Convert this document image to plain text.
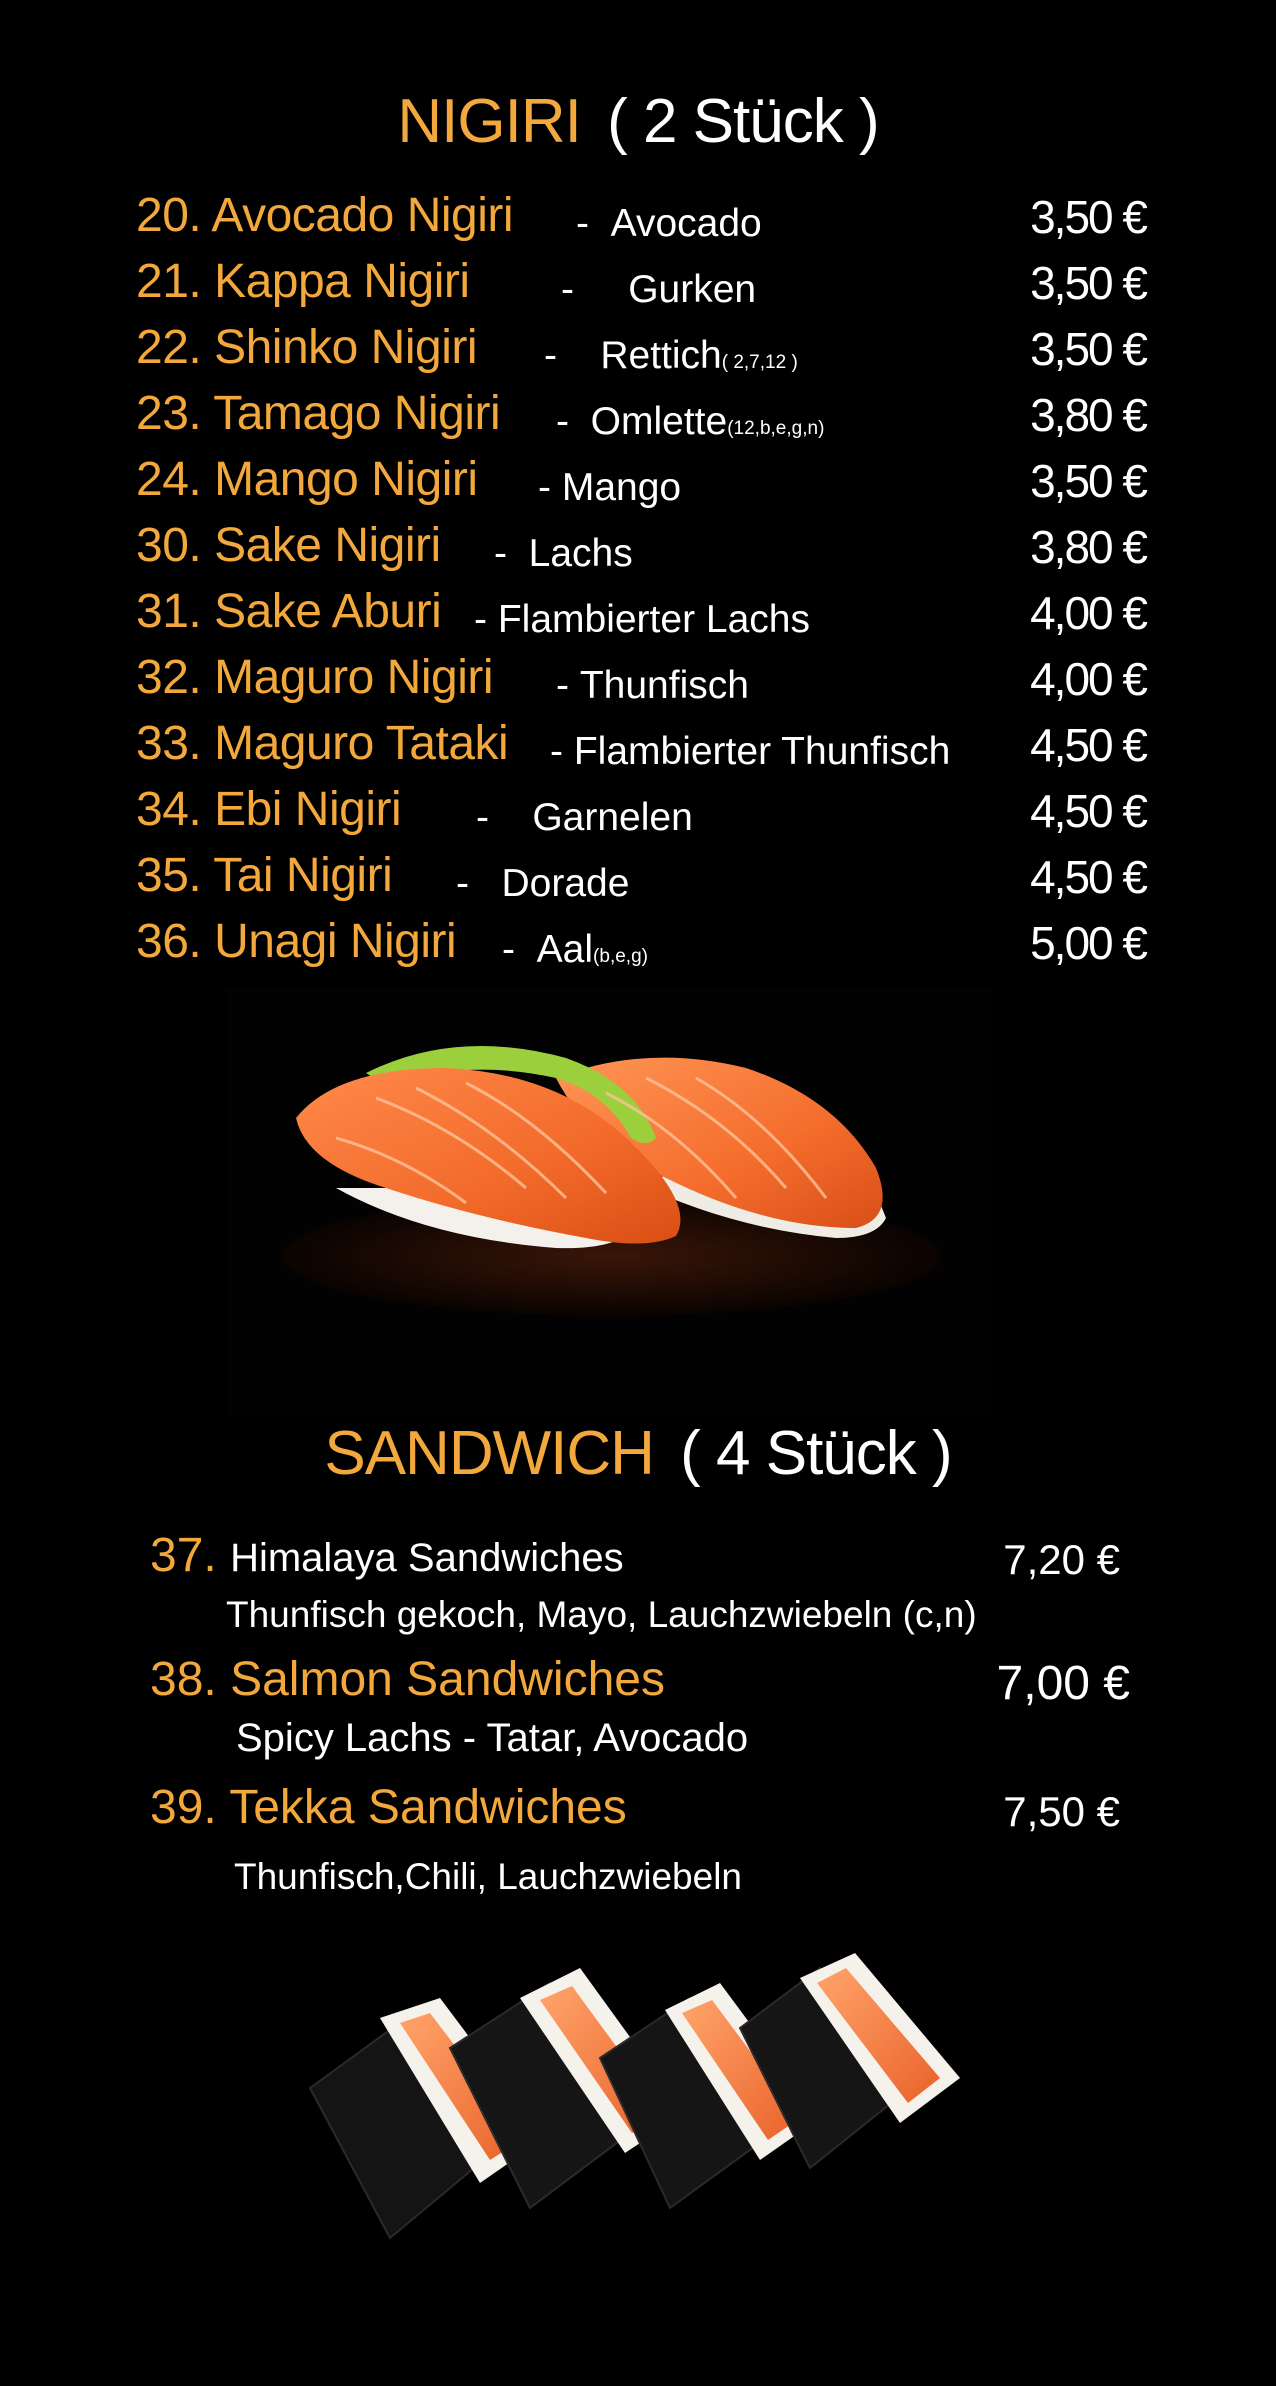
NIGIRI ( 2 Stück )
20. Avocado Nigiri - Avocado	3,50 €
21. Kappa Nigiri - Gurken	3,50 €
22. Shinko Nigiri - Rettich( 2,7,12 )	3,50 €
23. Tamago Nigiri - Omlette(12,b,e,g,n)	3,80 €
24. Mango Nigiri - Mango	3,50 €
30. Sake Nigiri - Lachs	3,80 €
31. Sake Aburi - Flambierter Lachs	4,00 €
32. Maguro Nigiri - Thunfisch	4,00 €
33. Maguro Tataki - Flambierter Thunfisch 4,50 €
34. Ebi Nigiri - Garnelen	4,50 €
35. Tai Nigiri - Dorade	4,50 €
36. Unagi Nigiri - Aal(b,e,g)	5,00 €
SANDWICH ( 4 Stück )
37. Himalaya Sandwiches	7,20 €
Thunfisch gekoch, Mayo, Lauchzwiebeln (c,n)
38. Salmon Sandwiches	7,00 €
Spicy Lachs - Tatar, Avocado
39. Tekka Sandwiches	7,50 €
Thunfisch,Chili, Lauchzwiebeln
